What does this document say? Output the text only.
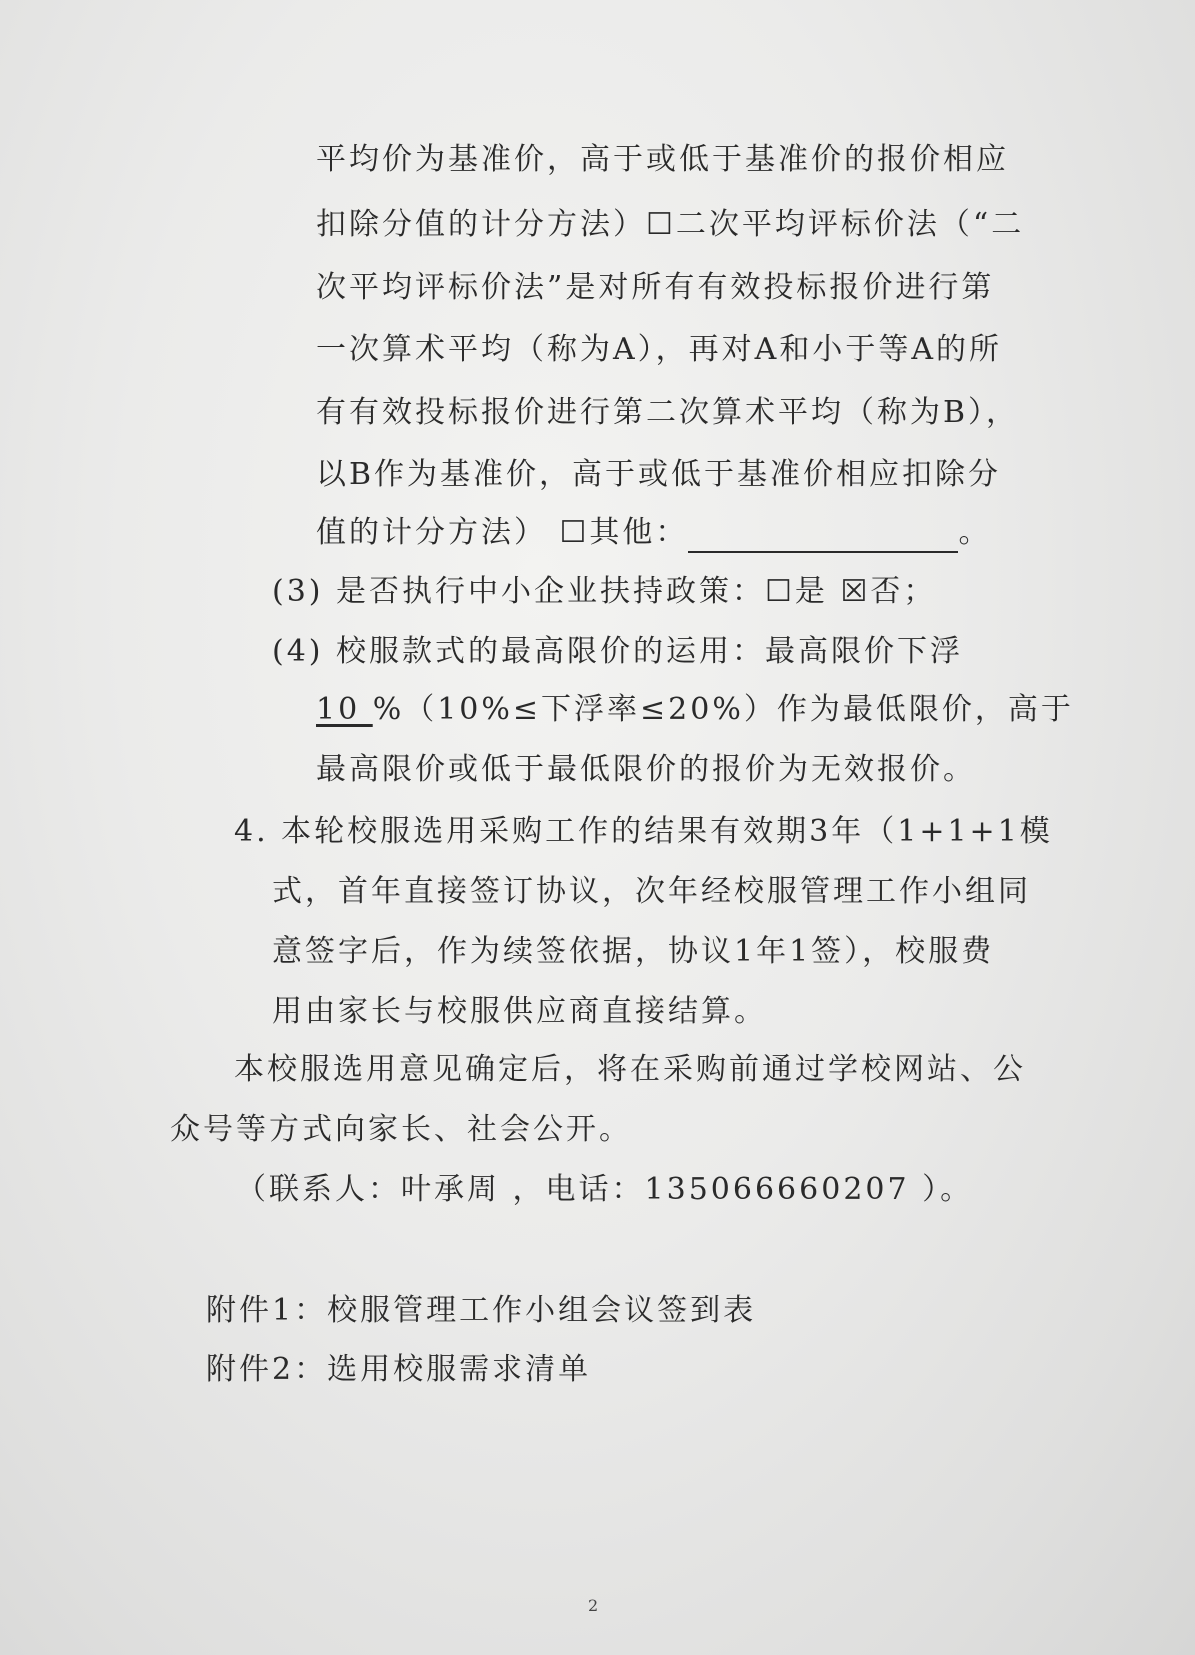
平均价为基准价，高于或低于基准价的报价相应
扣除分值的计分方法）☐二次平均评标价法（“二
次平均评标价法”是对所有有效投标报价进行第
一次算术平均（称为A），再对A和小于等A的所
有有效投标报价进行第二次算术平均（称为B），
以B作为基准价，高于或低于基准价相应扣除分
值的计分方法） ☐其他：	。
(3) 是否执行中小企业扶持政策：☐是 ☒否；
(4) 校服款式的最高限价的运用：最高限价下浮
10 %（10%≤下浮率≤20%）作为最低限价，高于
最高限价或低于最低限价的报价为无效报价。
4. 本轮校服选用采购工作的结果有效期3年（1+1+1模
式，首年直接签订协议，次年经校服管理工作小组同
意签字后，作为续签依据，协议1年1签），校服费
用由家长与校服供应商直接结算。
本校服选用意见确定后，将在采购前通过学校网站、公
众号等方式向家长、社会公开。
（联系人：叶承周 ，电话：13506666020​7 ）。
附件1：校服管理工作小组会议签到表
附件2：选用校服需求清单
2
